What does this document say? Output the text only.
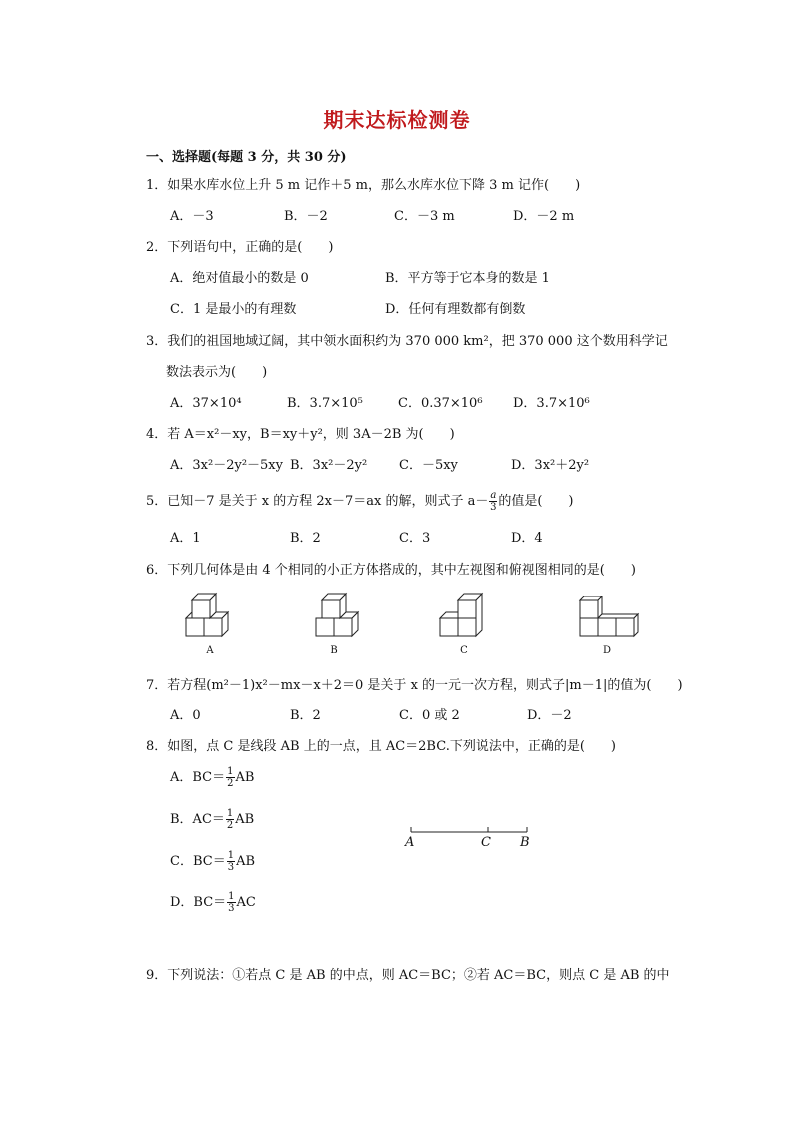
期末达标检测卷
一、选择题(每题 3 分，共 30 分)
1．如果水库水位上升 5 m 记作＋5 m，那么水库水位下降 3 m 记作(　　)
A．－3	B．－2	C．－3 m	D．－2 m
2．下列语句中，正确的是(　　)
A．绝对值最小的数是 0	B．平方等于它本身的数是 1
C．1 是最小的有理数	D．任何有理数都有倒数
3．我们的祖国地域辽阔，其中领水面积约为 370 000 km²，把 370 000 这个数用科学记
数法表示为(　　)
A．37×10⁴	B．3.7×10⁵	C．0.37×10⁶ D．3.7×10⁶
4．若 A＝x²－xy，B＝xy＋y²，则 3A－2B 为(　　)
A．3x²－2y²－5xy B．3x²－2y² C．－5xy	D．3x²＋2y²
5．已知－7 是关于 x 的方程 2x－7＝ax 的解，则式子 $a- \frac{a}{3}$ 的值是(　　)
A．1	B．2	C．3	D．4
6．下列几何体是由 4 个相同的小正方体搭成的，其中左视图和俯视图相同的是(　　)
A	B	C	D
7．若方程(m²－1)x²－mx－x＋2＝0 是关于 x 的一元一次方程，则式子|m－1|的值为(　　)
A．0	B．2	C．0 或 2	D．－2
8．如图，点 C 是线段 AB 上的一点，且 AC＝2BC.下列说法中，正确的是(　　)
A．$BC= \frac{1}{2}$ AB
B．$AC= \frac{1}{2}$ AB
C．$BC= \frac{1}{3}$ AB
D．$BC= \frac{1}{3}$ AC
A	C B
9．下列说法：①若点 C 是 AB 的中点，则 AC＝BC；②若 AC＝BC，则点 C 是 AB 的中
